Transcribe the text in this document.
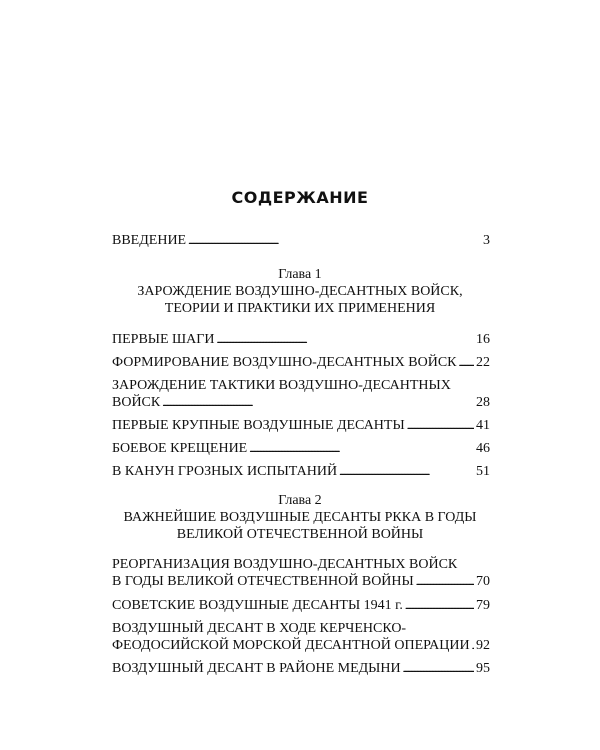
СОДЕРЖАНИЕ
ВВЕДЕНИЕ . . .	3
Глава 1
ЗАРОЖДЕНИЕ ВОЗДУШНО-ДЕСАНТНЫХ ВОЙСК,
ТЕОРИИ И ПРАКТИКИ ИХ ПРИМЕНЕНИЯ
ПЕРВЫЕ ШАГИ . . .	16
ФОРМИРОВАНИЕ ВОЗДУШНО-ДЕСАНТНЫХ ВОЙСК . . . 22
ЗАРОЖДЕНИЕ ТАКТИКИ ВОЗДУШНО-ДЕСАНТНЫХ
ВОЙСК . . .	28
ПЕРВЫЕ КРУПНЫЕ ВОЗДУШНЫЕ ДЕСАНТЫ . . .	41
БОЕВОЕ КРЕЩЕНИЕ . . .	46
В КАНУН ГРОЗНЫХ ИСПЫТАНИЙ . . .	51
Глава 2
ВАЖНЕЙШИЕ ВОЗДУШНЫЕ ДЕСАНТЫ РККА В ГОДЫ
ВЕЛИКОЙ ОТЕЧЕСТВЕННОЙ ВОЙНЫ
РЕОРГАНИЗАЦИЯ ВОЗДУШНО-ДЕСАНТНЫХ ВОЙСК
В ГОДЫ ВЕЛИКОЙ ОТЕЧЕСТВЕННОЙ ВОЙНЫ . . .	70
СОВЕТСКИЕ ВОЗДУШНЫЕ ДЕСАНТЫ 1941 г. . . .	79
ВОЗДУШНЫЙ ДЕСАНТ В ХОДЕ КЕРЧЕНСКО-
ФЕОДОСИЙСКОЙ МОРСКОЙ ДЕСАНТНОЙ ОПЕРАЦИИ . . . 92
ВОЗДУШНЫЙ ДЕСАНТ В РАЙОНЕ МЕДЫНИ . . .	95
